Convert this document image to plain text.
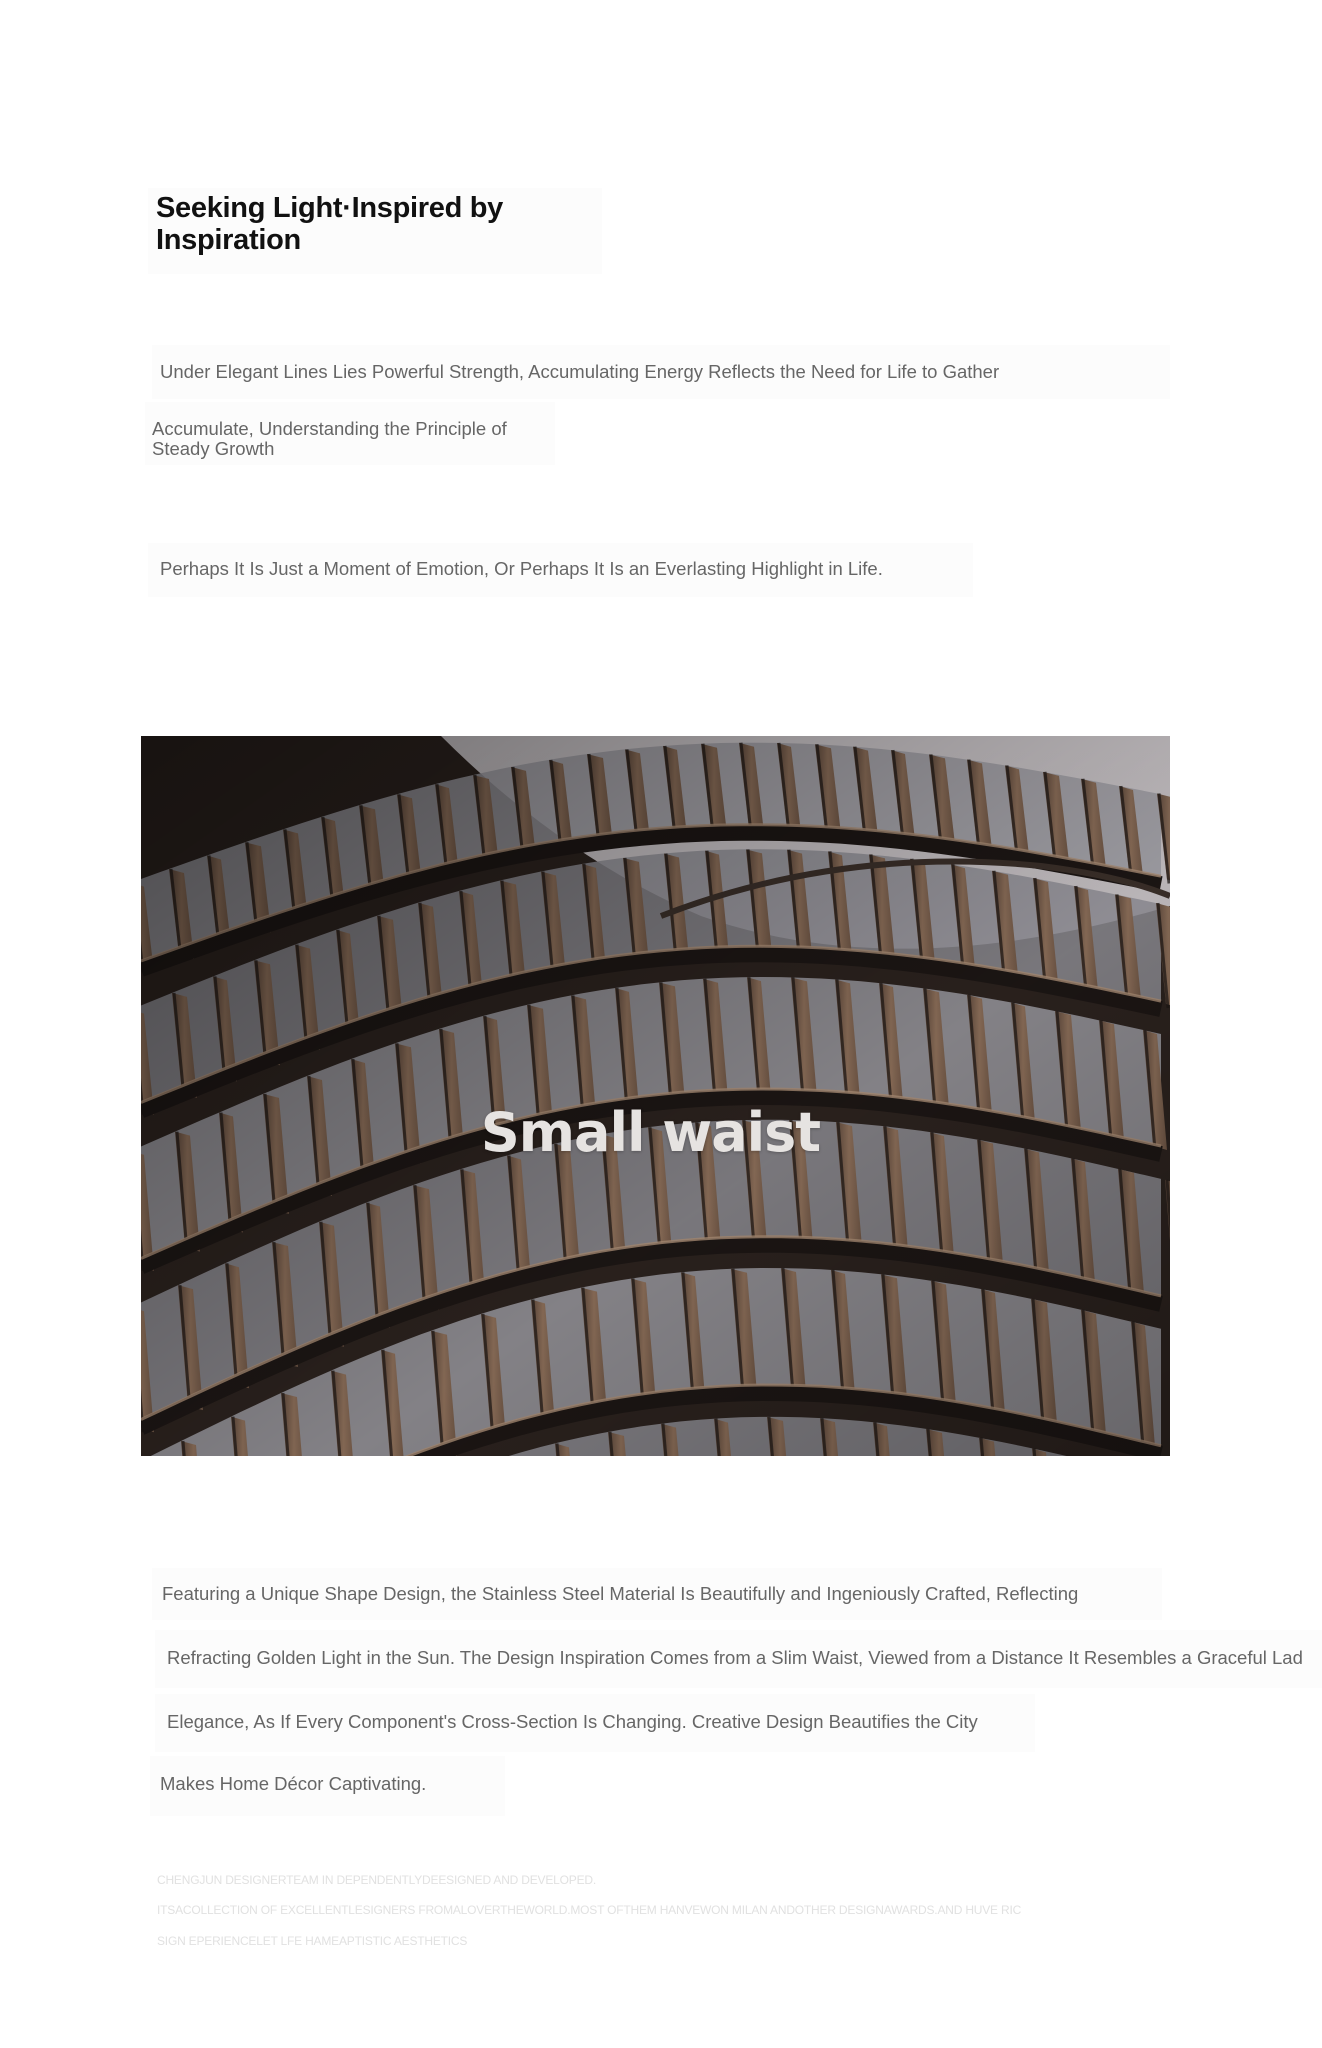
Seeking Light·Inspired by Inspiration
Under Elegant Lines Lies Powerful Strength, Accumulating Energy Reflects the Need for Life to Gather
Accumulate, Understanding the Principle of Steady Growth
Perhaps It Is Just a Moment of Emotion, Or Perhaps It Is an Everlasting Highlight in Life.
Small waist
Featuring a Unique Shape Design, the Stainless Steel Material Is Beautifully and Ingeniously Crafted, Reflecting
Refracting Golden Light in the Sun. The Design Inspiration Comes from a Slim Waist, Viewed from a Distance It Resembles a Graceful Lad
Elegance, As If Every Component's Cross-Section Is Changing. Creative Design Beautifies the City
Makes Home Décor Captivating.
CHENGJUN DESIGNERTEAM IN DEPENDENTLYDEESIGNED AND DEVELOPED.
ITSACOLLECTION OF EXCELLENTLESIGNERS FROMALOVERTHEWORLD.MOST OFTHEM HANVEWON MILAN ANDOTHER DESIGNAWARDS.AND HUVE RIC
SIGN EPERIENCELET LFE HAMEAPTISTIC AESTHETICS
